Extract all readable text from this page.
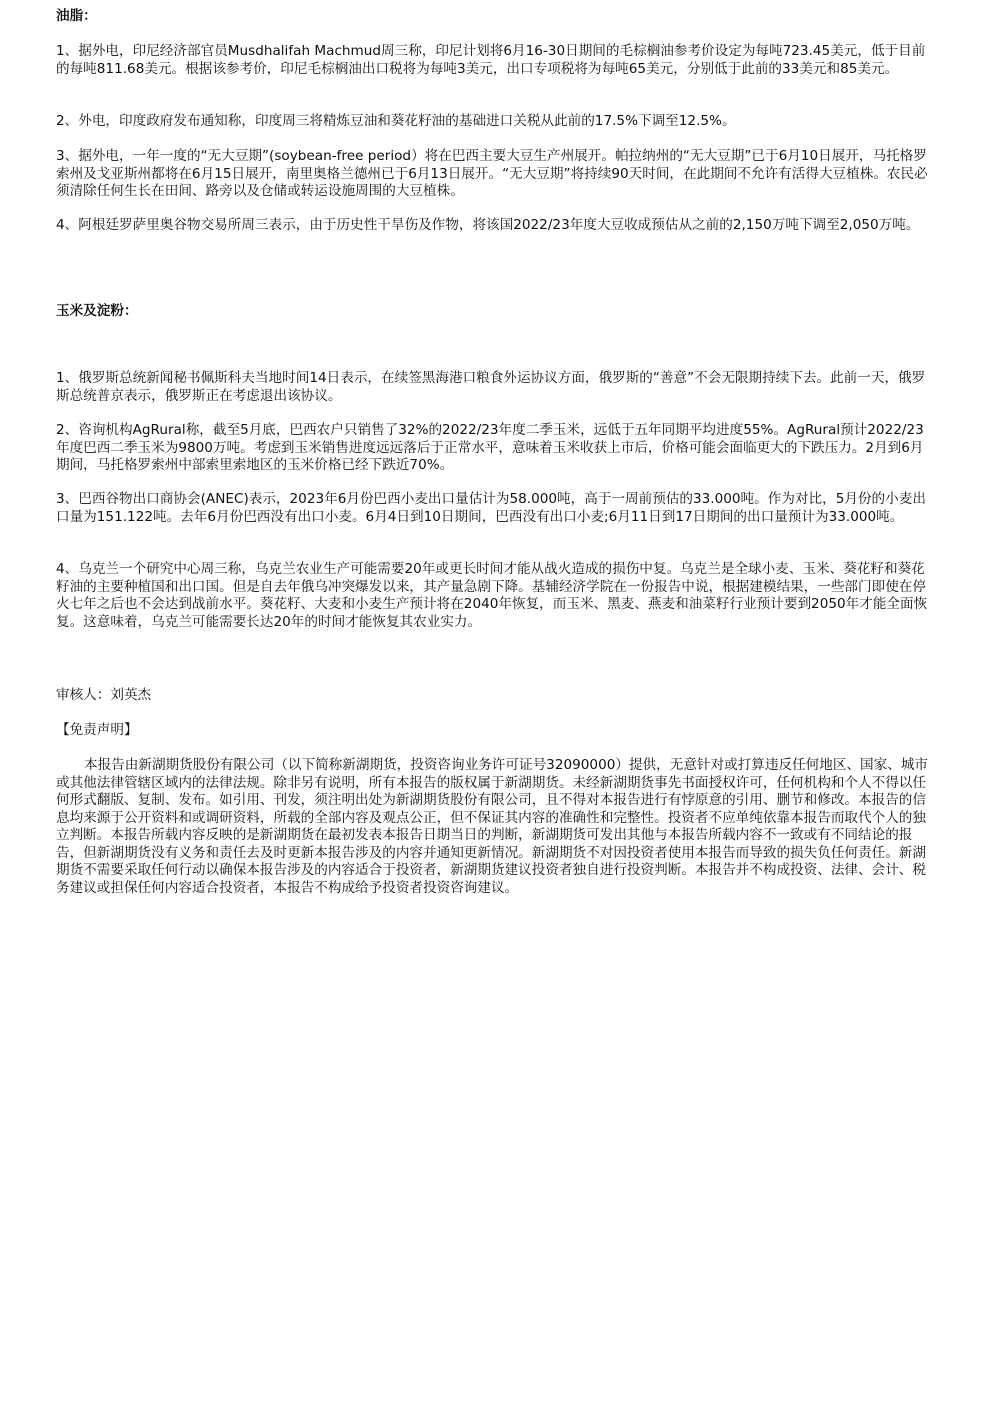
油脂：

1、据外电，印尼经济部官员Musdhalifah Machmud周三称，印尼计划将6月16-30日期间的毛棕榈油参考价设定为每吨723.45美元，低于目前的每吨811.68美元。根据该参考价，印尼毛棕榈油出口税将为每吨3美元，出口专项税将为每吨65美元，分别低于此前的33美元和85美元。

2、外电，印度政府发布通知称，印度周三将精炼豆油和葵花籽油的基础进口关税从此前的17.5%下调至12.5%。

3、据外电，一年一度的“无大豆期”(soybean-free period）将在巴西主要大豆生产州展开。帕拉纳州的“无大豆期”已于6月10日展开，马托格罗索州及戈亚斯州都将在6月15日展开，南里奥格兰德州已于6月13日展开。“无大豆期”将持续90天时间，在此期间不允许有活得大豆植株。农民必须清除任何生长在田间、路旁以及仓储或转运设施周围的大豆植株。

4、阿根廷罗萨里奥谷物交易所周三表示，由于历史性干旱伤及作物，将该国2022/23年度大豆收成预估从之前的2,150万吨下调至2,050万吨。

玉米及淀粉：

1、俄罗斯总统新闻秘书佩斯科夫当地时间14日表示，在续签黑海港口粮食外运协议方面，俄罗斯的“善意”不会无限期持续下去。此前一天，俄罗斯总统普京表示，俄罗斯正在考虑退出该协议。

2、咨询机构AgRural称，截至5月底，巴西农户只销售了32%的2022/23年度二季玉米，远低于五年同期平均进度55%。AgRural预计2022/23年度巴西二季玉米为9800万吨。考虑到玉米销售进度远远落后于正常水平，意味着玉米收获上市后，价格可能会面临更大的下跌压力。2月到6月期间，马托格罗索州中部索里索地区的玉米价格已经下跌近70%。

3、巴西谷物出口商协会(ANEC)表示，2023年6月份巴西小麦出口量估计为58.000吨，高于一周前预估的33.000吨。作为对比，5月份的小麦出口量为151.122吨。去年6月份巴西没有出口小麦。6月4日到10日期间，巴西没有出口小麦;6月11日到17日期间的出口量预计为33.000吨。

4、乌克兰一个研究中心周三称，乌克兰农业生产可能需要20年或更长时间才能从战火造成的损伤中复。乌克兰是全球小麦、玉米、葵花籽和葵花籽油的主要种植国和出口国。但是自去年俄乌冲突爆发以来，其产量急剧下降。基辅经济学院在一份报告中说，根据建模结果，一些部门即使在停火七年之后也不会达到战前水平。葵花籽、大麦和小麦生产预计将在2040年恢复，而玉米、黑麦、燕麦和油菜籽行业预计要到2050年才能全面恢复。这意味着，乌克兰可能需要长达20年的时间才能恢复其农业实力。

审核人：刘英杰

【免责声明】

本报告由新湖期货股份有限公司（以下简称新湖期货，投资咨询业务许可证号32090000）提供，无意针对或打算违反任何地区、国家、城市或其他法律管辖区域内的法律法规。除非另有说明，所有本报告的版权属于新湖期货。未经新湖期货事先书面授权许可，任何机构和个人不得以任何形式翻版、复制、发布。如引用、刊发，须注明出处为新湖期货股份有限公司，且不得对本报告进行有悖原意的引用、删节和修改。本报告的信息均来源于公开资料和或调研资料，所载的全部内容及观点公正，但不保证其内容的准确性和完整性。投资者不应单纯依靠本报告而取代个人的独立判断。本报告所载内容反映的是新湖期货在最初发表本报告日期当日的判断，新湖期货可发出其他与本报告所载内容不一致或有不同结论的报告，但新湖期货没有义务和责任去及时更新本报告涉及的内容并通知更新情况。新湖期货不对因投资者使用本报告而导致的损失负任何责任。新湖期货不需要采取任何行动以确保本报告涉及的内容适合于投资者，新湖期货建议投资者独自进行投资判断。本报告并不构成投资、法律、会计、税务建议或担保任何内容适合投资者，本报告不构成给予投资者投资咨询建议。
